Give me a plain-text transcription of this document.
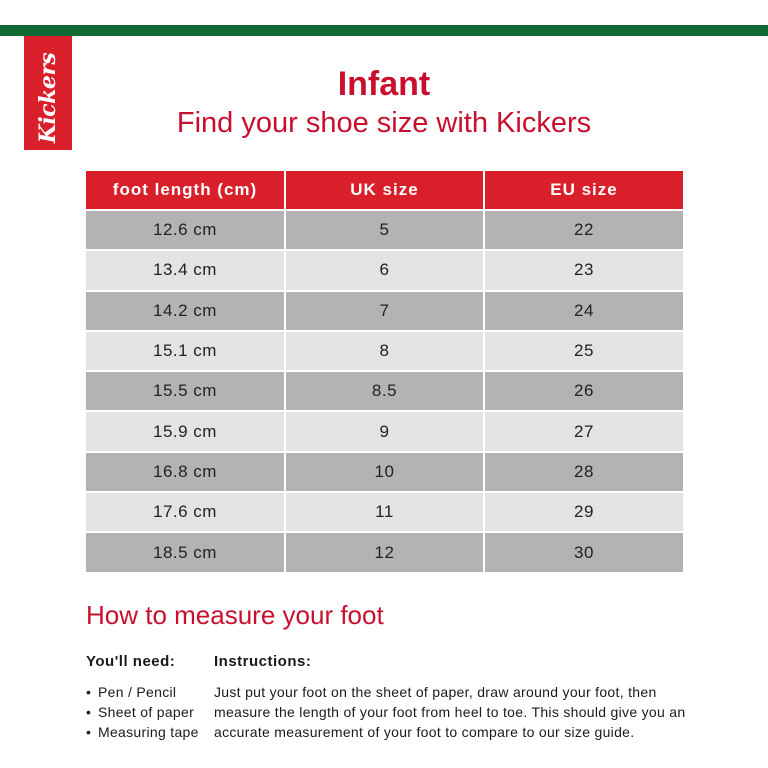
Kickers	Infant
Find your shoe size with Kickers
foot length (cm)	UK size	EU size
12.6 cm	5	22
13.4 cm	6	23
14.2 cm	7	24
15.1 cm	8	25
15.5 cm	8.5	26
15.9 cm	9	27
16.8 cm	10	28
17.6 cm	11	29
18.5 cm	12	30
How to measure your foot
You'll need:	Instructions:
• Pen / Pencil
• Sheet of paper
• Measuring tape

Just put your foot on the sheet of paper, draw around your foot, then measure the length of your foot from heel to toe. This should give you an accurate measurement of your foot to compare to our size guide.
